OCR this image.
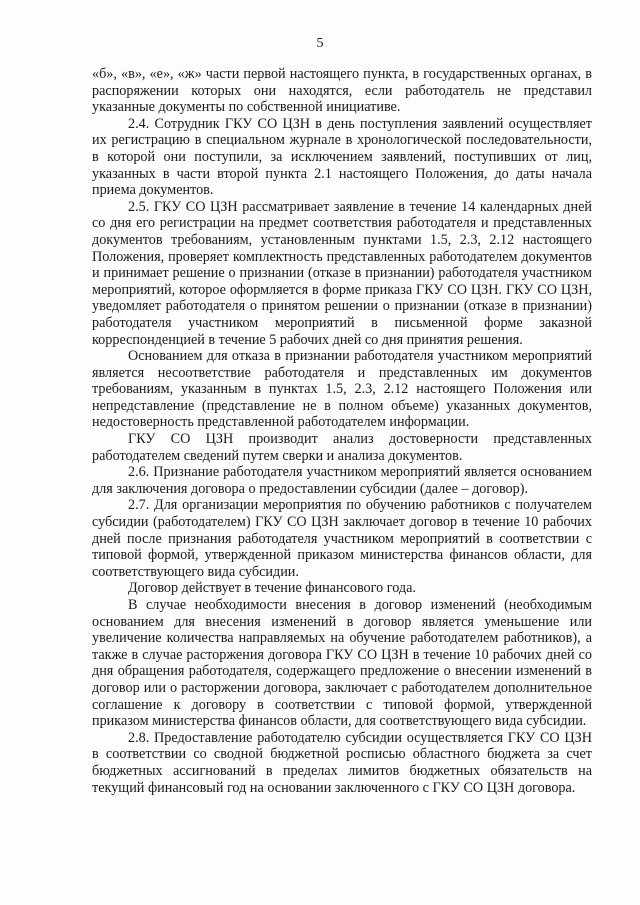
5

«б», «в», «е», «ж» части первой настоящего пункта, в государственных органах, в распоряжении которых они находятся, если работодатель не представил указанные документы по собственной инициативе.

2.4. Сотрудник ГКУ СО ЦЗН в день поступления заявлений осуществляет их регистрацию в специальном журнале в хронологической последовательности, в которой они поступили, за исключением заявлений, поступивших от лиц, указанных в части второй пункта 2.1 настоящего Положения, до даты начала приема документов.

2.5. ГКУ СО ЦЗН рассматривает заявление в течение 14 календарных дней со дня его регистрации на предмет соответствия работодателя и представленных документов требованиям, установленным пунктами 1.5, 2.3, 2.12 настоящего Положения, проверяет комплектность представленных работодателем документов и принимает решение о признании (отказе в признании) работодателя участником мероприятий, которое оформляется в форме приказа ГКУ СО ЦЗН. ГКУ СО ЦЗН, уведомляет работодателя о принятом решении о признании (отказе в признании) работодателя участником мероприятий в письменной форме заказной корреспонденцией в течение 5 рабочих дней со дня принятия решения.

Основанием для отказа в признании работодателя участником мероприятий является несоответствие работодателя и представленных им документов требованиям, указанным в пунктах 1.5, 2.3, 2.12 настоящего Положения или непредставление (представление не в полном объеме) указанных документов, недостоверность представленной работодателем информации.

ГКУ СО ЦЗН производит анализ достоверности представленных работодателем сведений путем сверки и анализа документов.

2.6. Признание работодателя участником мероприятий является основанием для заключения договора о предоставлении субсидии (далее – договор).

2.7. Для организации мероприятия по обучению работников с получателем субсидии (работодателем) ГКУ СО ЦЗН заключает договор в течение 10 рабочих дней после признания работодателя участником мероприятий в соответствии с типовой формой, утвержденной приказом министерства финансов области, для соответствующего вида субсидии.

Договор действует в течение финансового года.

В случае необходимости внесения в договор изменений (необходимым основанием для внесения изменений в договор является уменьшение или увеличение количества направляемых на обучение работодателем работников), а также в случае расторжения договора ГКУ СО ЦЗН в течение 10 рабочих дней со дня обращения работодателя, содержащего предложение о внесении изменений в договор или о расторжении договора, заключает с работодателем дополнительное соглашение к договору в соответствии с типовой формой, утвержденной приказом министерства финансов области, для соответствующего вида субсидии.

2.8. Предоставление работодателю субсидии осуществляется ГКУ СО ЦЗН в соответствии со сводной бюджетной росписью областного бюджета за счет бюджетных ассигнований в пределах лимитов бюджетных обязательств на текущий финансовый год на основании заключенного с ГКУ СО ЦЗН договора.
